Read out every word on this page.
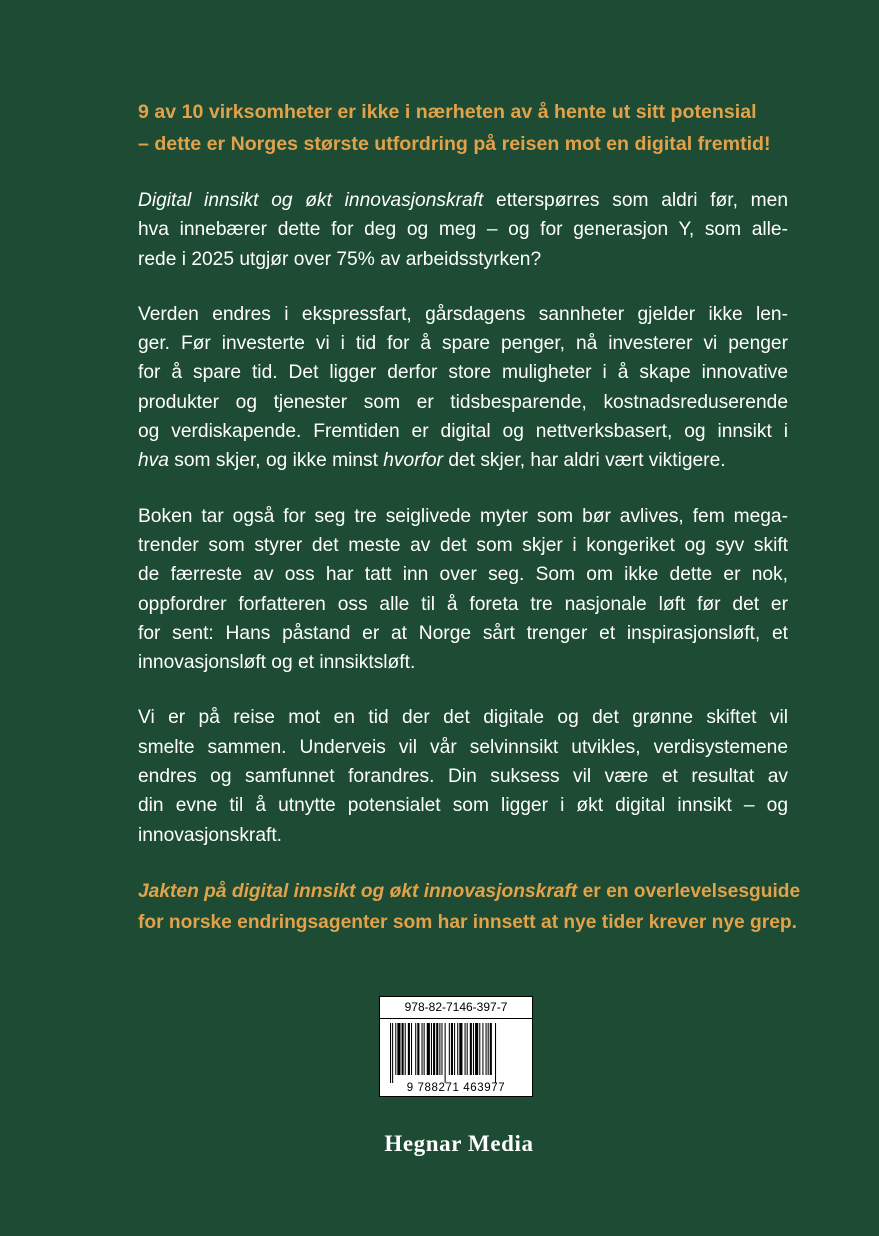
9 av 10 virksomheter er ikke i nærheten av å hente ut sitt potensial
– dette er Norges største utfordring på reisen mot en digital fremtid!

Digital innsikt og økt innovasjonskraft etterspørres som aldri før, men
hva innebærer dette for deg og meg – og for generasjon Y, som alle-
rede i 2025 utgjør over 75% av arbeidsstyrken?

Verden endres i ekspressfart, gårsdagens sannheter gjelder ikke len-
ger. Før investerte vi i tid for å spare penger, nå investerer vi penger
for å spare tid. Det ligger derfor store muligheter i å skape innovative
produkter og tjenester som er tidsbesparende, kostnadsreduserende
og verdiskapende. Fremtiden er digital og nettverksbasert, og innsikt i
hva som skjer, og ikke minst hvorfor det skjer, har aldri vært viktigere.

Boken tar også for seg tre seiglivede myter som bør avlives, fem mega-
trender som styrer det meste av det som skjer i kongeriket og syv skift
de færreste av oss har tatt inn over seg. Som om ikke dette er nok,
oppfordrer forfatteren oss alle til å foreta tre nasjonale løft før det er
for sent: Hans påstand er at Norge sårt trenger et inspirasjonsløft, et
innovasjonsløft og et innsiktsløft.

Vi er på reise mot en tid der det digitale og det grønne skiftet vil
smelte sammen. Underveis vil vår selvinnsikt utvikles, verdisystemene
endres og samfunnet forandres. Din suksess vil være et resultat av
din evne til å utnytte potensialet som ligger i økt digital innsikt – og
innovasjonskraft.

Jakten på digital innsikt og økt innovasjonskraft er en overlevelsesguide
for norske endringsagenter som har innsett at nye tider krever nye grep.

978-82-7146-397-7
9 788271 463977
Hegnar Media
